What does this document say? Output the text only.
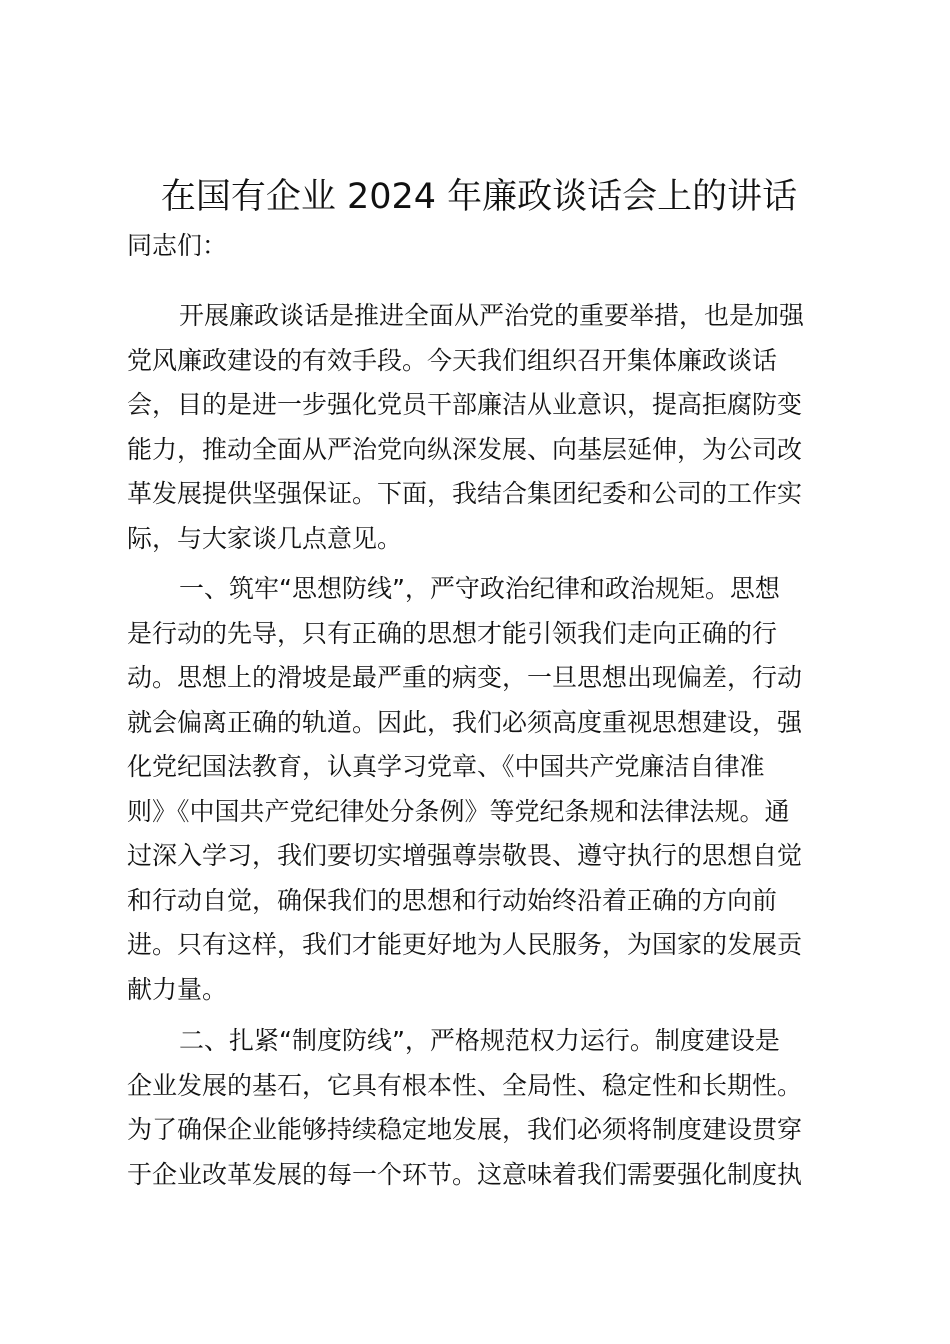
在国有企业 2024 年廉政谈话会上的讲话

同志们：

开展廉政谈话是推进全面从严治党的重要举措，也是加强
党风廉政建设的有效手段。今天我们组织召开集体廉政谈话
会，目的是进一步强化党员干部廉洁从业意识，提高拒腐防变
能力，推动全面从严治党向纵深发展、向基层延伸，为公司改
革发展提供坚强保证。下面，我结合集团纪委和公司的工作实
际，与大家谈几点意见。

一、筑牢“思想防线”，严守政治纪律和政治规矩。思想
是行动的先导，只有正确的思想才能引领我们走向正确的行
动。思想上的滑坡是最严重的病变，一旦思想出现偏差，行动
就会偏离正确的轨道。因此，我们必须高度重视思想建设，强
化党纪国法教育，认真学习党章、《中国共产党廉洁自律准
则》《中国共产党纪律处分条例》等党纪条规和法律法规。通
过深入学习，我们要切实增强尊崇敬畏、遵守执行的思想自觉
和行动自觉，确保我们的思想和行动始终沿着正确的方向前
进。只有这样，我们才能更好地为人民服务，为国家的发展贡
献力量。

二、扎紧“制度防线”，严格规范权力运行。制度建设是
企业发展的基石，它具有根本性、全局性、稳定性和长期性。
为了确保企业能够持续稳定地发展，我们必须将制度建设贯穿
于企业改革发展的每一个环节。这意味着我们需要强化制度执
